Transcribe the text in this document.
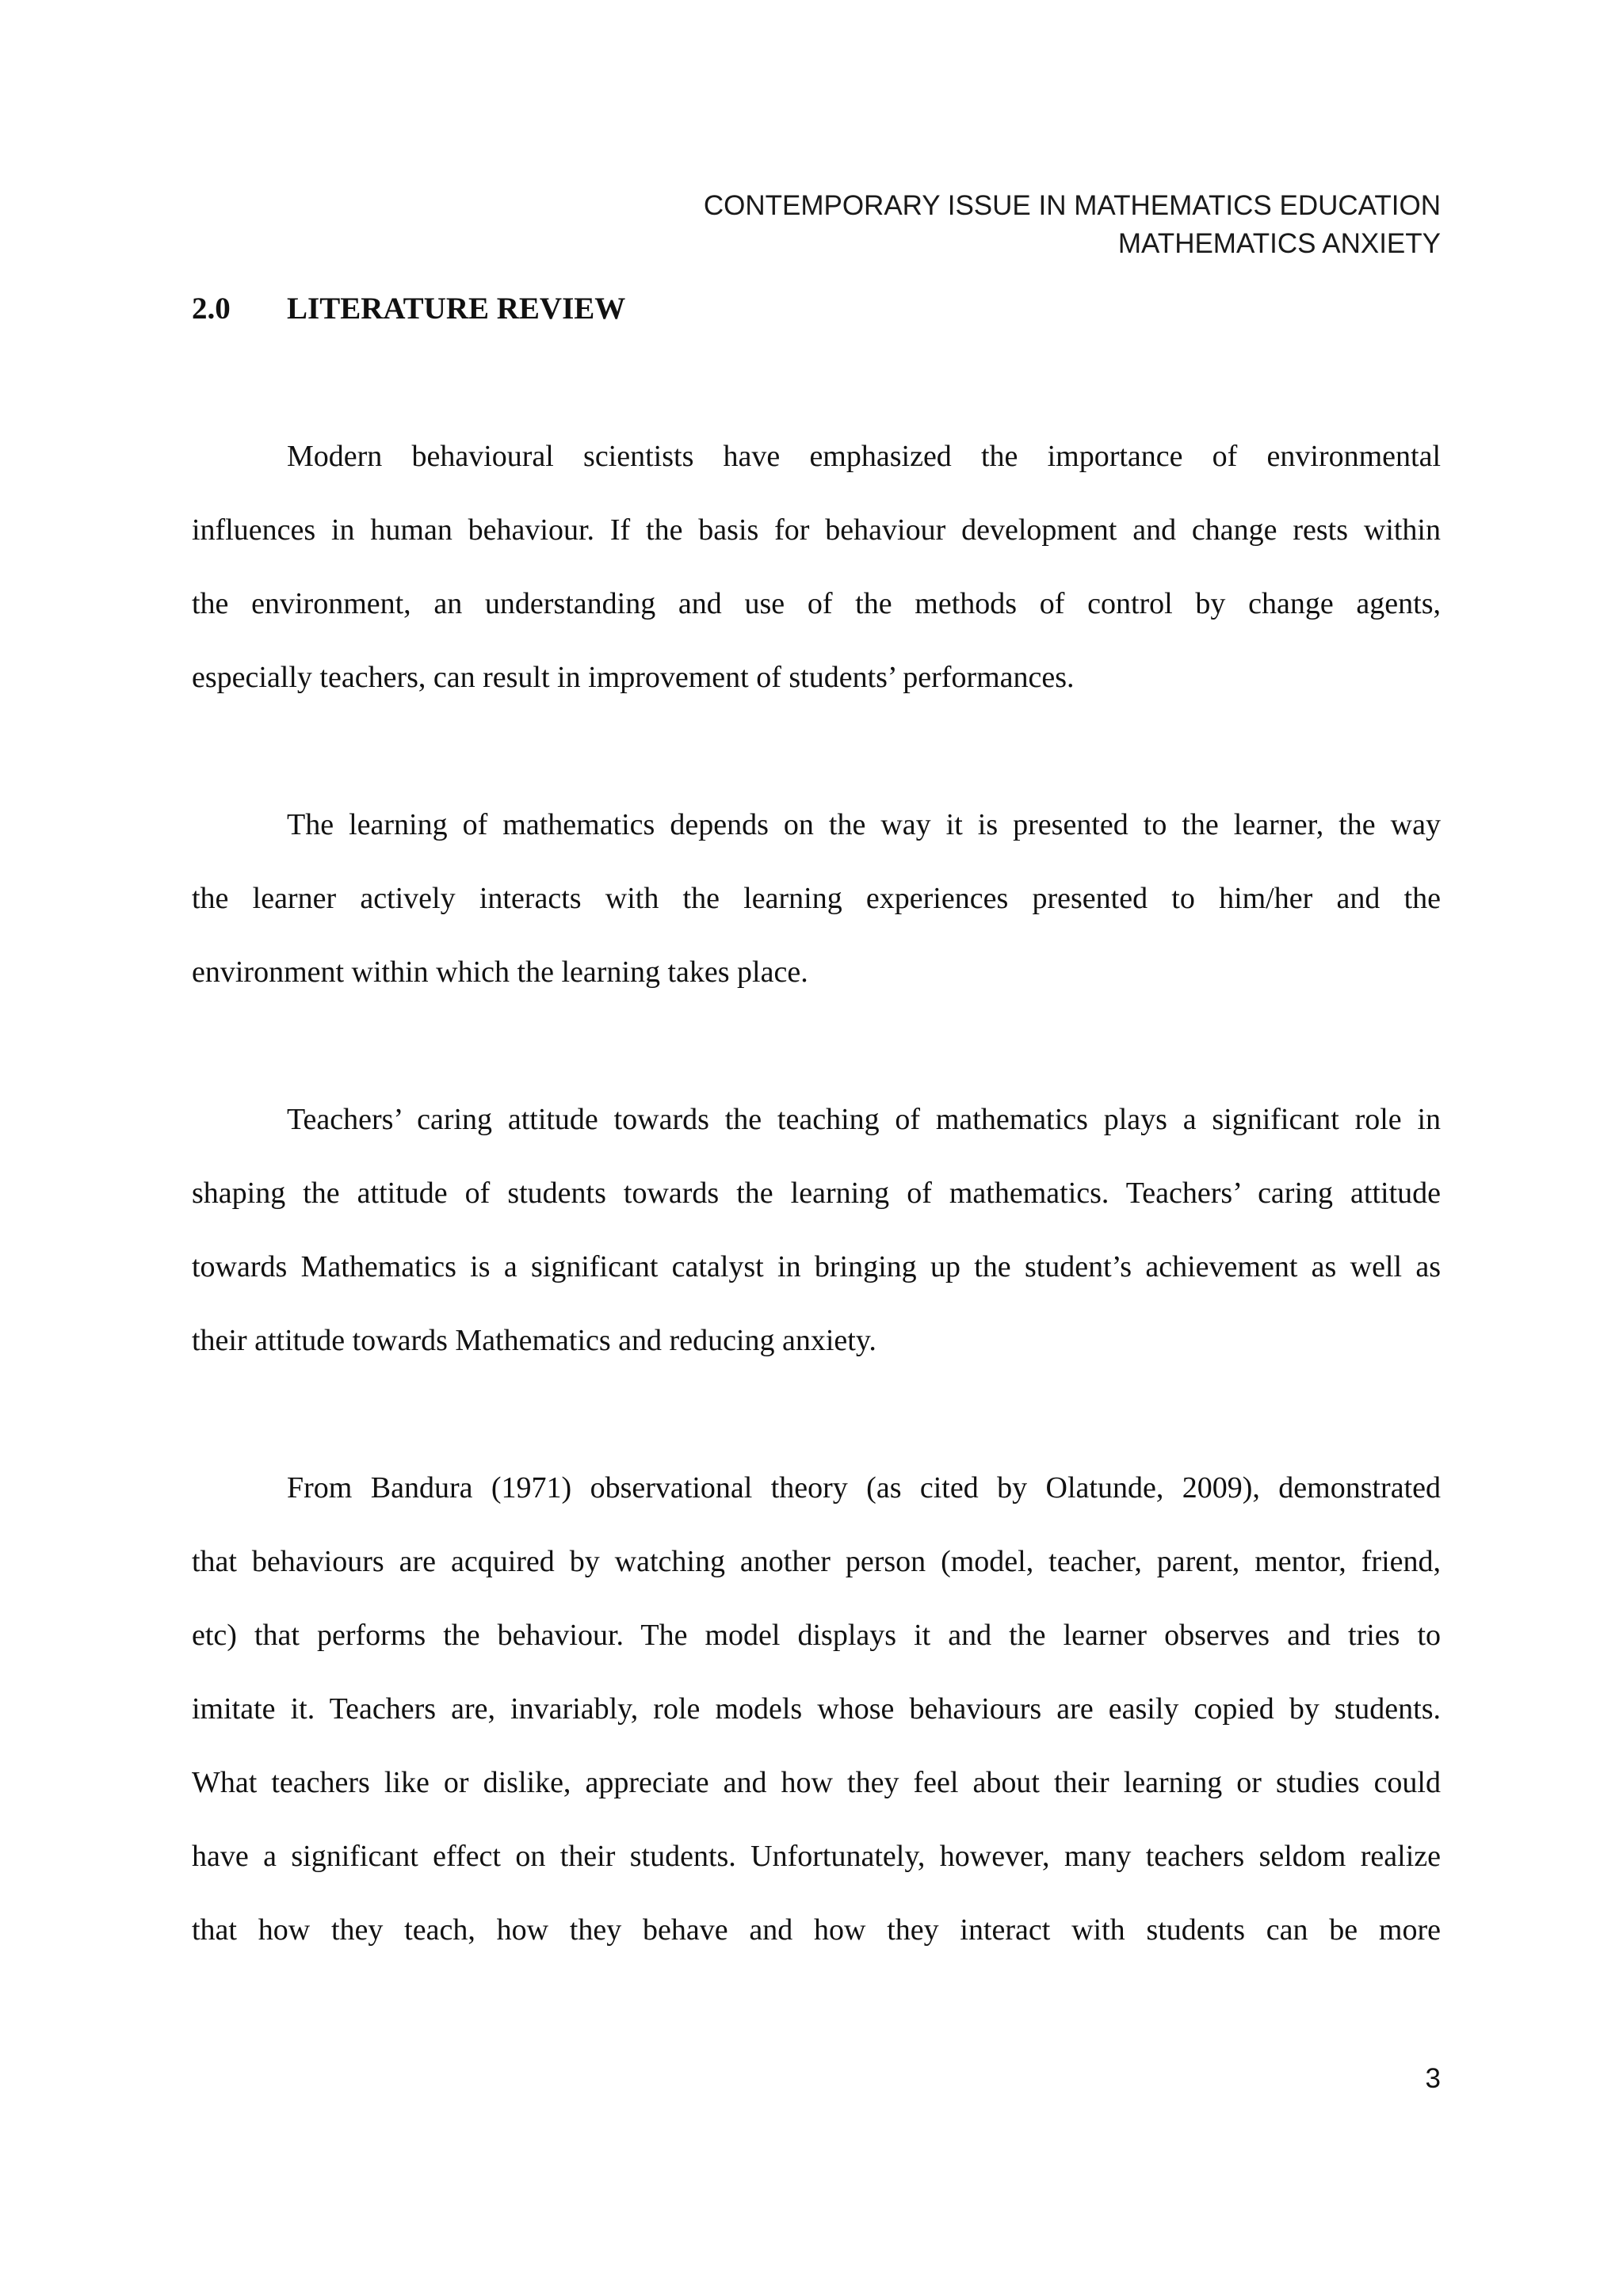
CONTEMPORARY ISSUE IN MATHEMATICS EDUCATION
MATHEMATICS ANXIETY
2.0 LITERATURE REVIEW
Modern behavioural scientists have emphasized the importance of environmental
influences in human behaviour. If the basis for behaviour development and change rests within
the environment, an understanding and use of the methods of control by change agents,
especially teachers, can result in improvement of students’ performances.
The learning of mathematics depends on the way it is presented to the learner, the way
the learner actively interacts with the learning experiences presented to him/her and the
environment within which the learning takes place.
Teachers’ caring attitude towards the teaching of mathematics plays a significant role in
shaping the attitude of students towards the learning of mathematics. Teachers’ caring attitude
towards Mathematics is a significant catalyst in bringing up the student’s achievement as well as
their attitude towards Mathematics and reducing anxiety.
From Bandura (1971) observational theory (as cited by Olatunde, 2009), demonstrated
that behaviours are acquired by watching another person (model, teacher, parent, mentor, friend,
etc) that performs the behaviour. The model displays it and the learner observes and tries to
imitate it. Teachers are, invariably, role models whose behaviours are easily copied by students.
What teachers like or dislike, appreciate and how they feel about their learning or studies could
have a significant effect on their students. Unfortunately, however, many teachers seldom realize
that how they teach, how they behave and how they interact with students can be more
3
